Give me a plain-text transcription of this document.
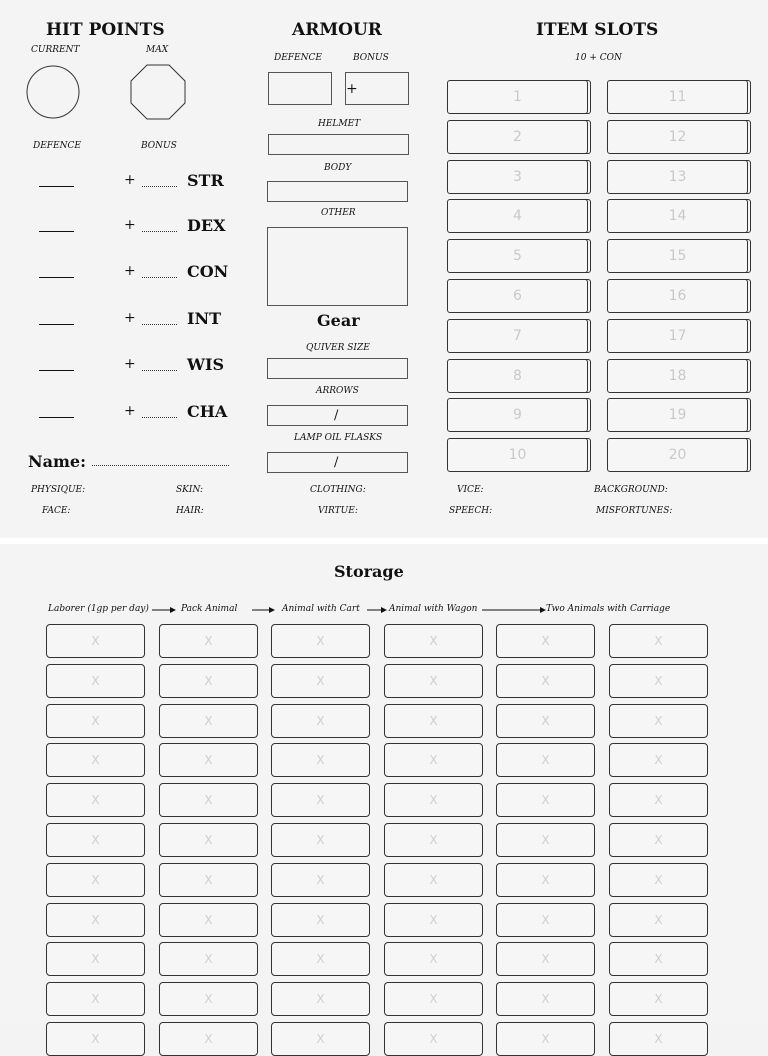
HIT POINTS
CURRENT	MAX
DEFENCE	BONUS
+	STR
+	DEX
+	CON
+	INT
+	WIS
+	CHA
Name:
ARMOUR
DEFENCE	BONUS
+
HELMET
BODY
OTHER
Gear
QUIVER SIZE
ARROWS
/
LAMP OIL FLASKS
/
ITEM SLOTS
10 + CON
1	11
2	12
3	13
4	14
5	15
6	16
7	17
8	18
9	19
10	20
PHYSIQUE:	SKIN:	CLOTHING:	VICE:	BACKGROUND:
FACE:	HAIR:	VIRTUE:	SPEECH:	MISFORTUNES:
Storage
Laborer (1gp per day)	Pack Animal	Animal with Cart	Animal with Wagon	Two Animals with Carriage
X	X	X	X	X	X
X	X	X	X	X	X
X	X	X	X	X	X
X	X	X	X	X	X
X	X	X	X	X	X
X	X	X	X	X	X
X	X	X	X	X	X
X	X	X	X	X	X
X	X	X	X	X	X
X	X	X	X	X	X
X	X	X	X	X	X
